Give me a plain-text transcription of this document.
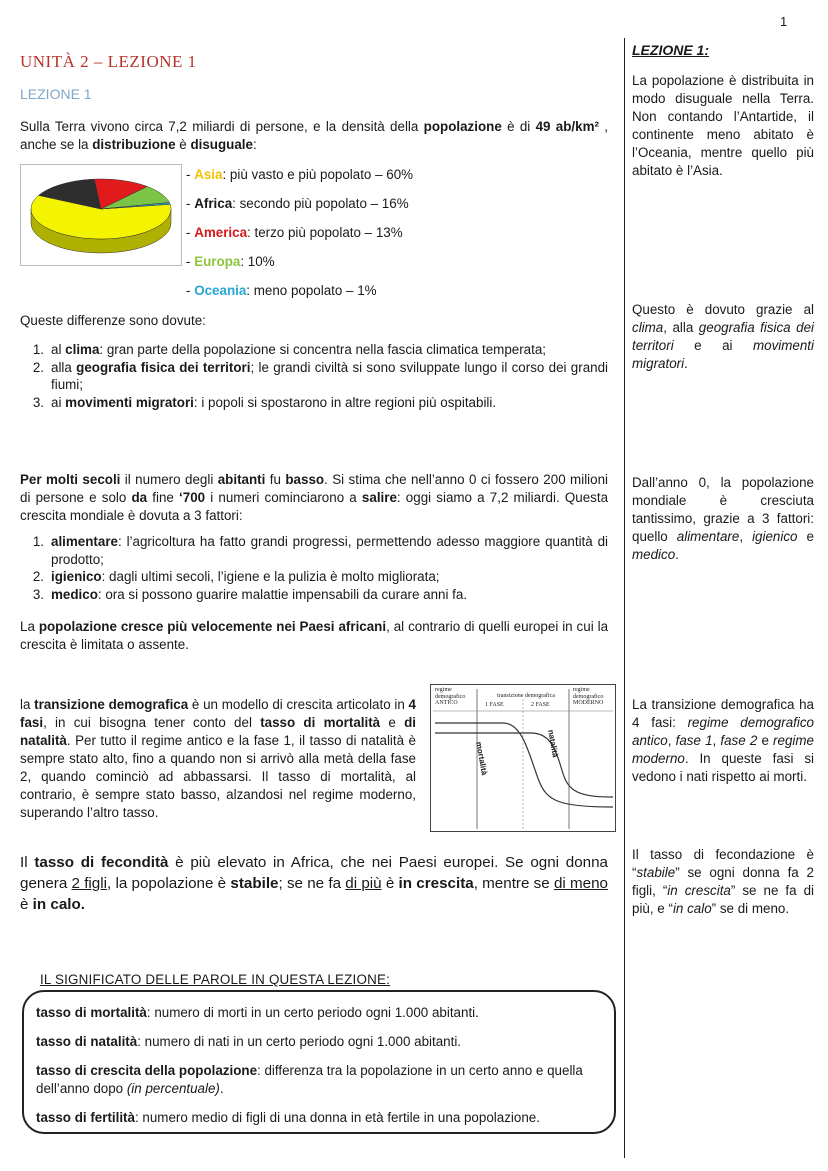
1
UNITÀ 2 – LEZIONE 1
LEZIONE 1
Sulla Terra vivono circa 7,2 miliardi di persone, e la densità della popolazione è di 49 ab/km² , anche se la distribuzione è disuguale:
- Asia: più vasto e più popolato – 60%
- Africa: secondo più popolato – 16%
- America: terzo più popolato – 13%
- Europa: 10%
- Oceania: meno popolato – 1%
Queste differenze sono dovute:
1. al clima: gran parte della popolazione si concentra nella fascia climatica temperata;
2. alla geografia fisica dei territori; le grandi civiltà si sono sviluppate lungo il corso dei grandi fiumi;
3. ai movimenti migratori: i popoli si spostarono in altre regioni più ospitabili.
Per molti secoli il numero degli abitanti fu basso. Si stima che nell’anno 0 ci fossero 200 milioni di persone e solo da fine ‘700 i numeri cominciarono a salire: oggi siamo a 7,2 miliardi. Questa crescita mondiale è dovuta a 3 fattori:
1. alimentare: l’agricoltura ha fatto grandi progressi, permettendo adesso maggiore quantità di prodotto;
2. igienico: dagli ultimi secoli, l’igiene e la pulizia è molto migliorata;
3. medico: ora si possono guarire malattie impensabili da curare anni fa.
La popolazione cresce più velocemente nei Paesi africani, al contrario di quelli europei in cui la crescita è limitata o assente.
la transizione demografica è un modello di crescita articolato in 4 fasi, in cui bisogna tener conto del tasso di mortalità e di natalità. Per tutto il regime antico e la fase 1, il tasso di natalità è sempre stato alto, fino a quando non si arrivò alla metà della fase 2, quando cominciò ad abbassarsi. Il tasso di mortalità, al contrario, è sempre stato basso, alzandosi nel regime moderno, superando l’altro tasso.
regime
demografico
ANTICO
transizione demografica
1 FASE	2 FASE
regime
demografico
MODERNO
mortalità	natalità
Il tasso di fecondità è più elevato in Africa, che nei Paesi europei. Se ogni donna genera 2 figli, la popolazione è stabile; se ne fa di più è in crescita, mentre se di meno è in calo.
IL SIGNIFICATO DELLE PAROLE IN QUESTA LEZIONE:
tasso di mortalità: numero di morti in un certo periodo ogni 1.000 abitanti.
tasso di natalità: numero di nati in un certo periodo ogni 1.000 abitanti.
tasso di crescita della popolazione: differenza tra la popolazione in un certo anno e quella dell’anno dopo (in percentuale).
tasso di fertilità: numero medio di figli di una donna in età fertile in una popolazione.
LEZIONE 1:
La popolazione è distribuita in modo disuguale nella Terra. Non contando l’Antartide, il continente meno abitato è l’Oceania, mentre quello più abitato è l’Asia.
Questo è dovuto grazie al clima, alla geografia fisica dei territori e ai movimenti migratori.
Dall’anno 0, la popolazione mondiale è cresciuta tantissimo, grazie a 3 fattori: quello alimentare, igienico e medico.
La transizione demografica ha 4 fasi: regime demografico antico, fase 1, fase 2 e regime moderno. In queste fasi si vedono i nati rispetto ai morti.
Il tasso di fecondazione è “stabile” se ogni donna fa 2 figli, “in crescita” se ne fa di più, e “in calo” se di meno.
